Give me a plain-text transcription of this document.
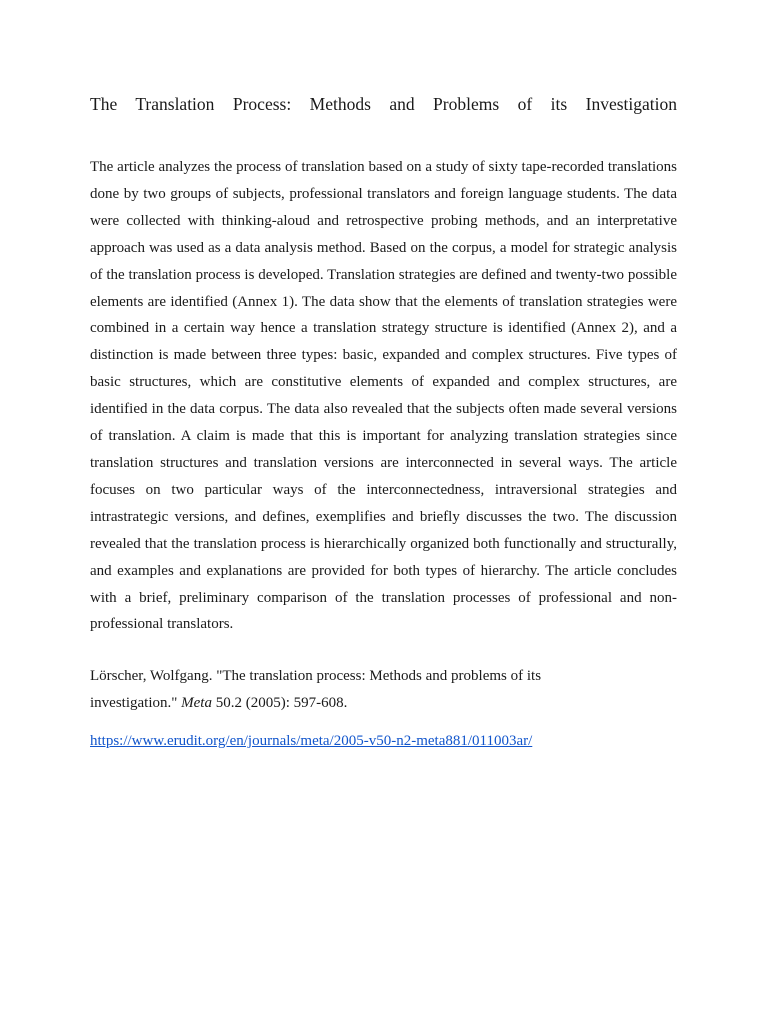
The Translation Process: Methods and Problems of its Investigation

The article analyzes the process of translation based on a study of sixty tape-recorded translations done by two groups of subjects, professional translators and foreign language students. The data were collected with thinking-aloud and retrospective probing methods, and an interpretative approach was used as a data analysis method. Based on the corpus, a model for strategic analysis of the translation process is developed. Translation strategies are defined and twenty-two possible elements are identified (Annex 1). The data show that the elements of translation strategies were combined in a certain way hence a translation strategy structure is identified (Annex 2), and a distinction is made between three types: basic, expanded and complex structures. Five types of basic structures, which are constitutive elements of expanded and complex structures, are identified in the data corpus. The data also revealed that the subjects often made several versions of translation. A claim is made that this is important for analyzing translation strategies since translation structures and translation versions are interconnected in several ways. The article focuses on two particular ways of the interconnectedness, intraversional strategies and intrastrategic versions, and defines, exemplifies and briefly discusses the two. The discussion revealed that the translation process is hierarchically organized both functionally and structurally, and examples and explanations are provided for both types of hierarchy. The article concludes with a brief, preliminary comparison of the translation processes of professional and non-professional translators.

Lörscher, Wolfgang. "The translation process: Methods and problems of its
investigation." Meta 50.2 (2005): 597-608.

https://www.erudit.org/en/journals/meta/2005-v50-n2-meta881/011003ar/
